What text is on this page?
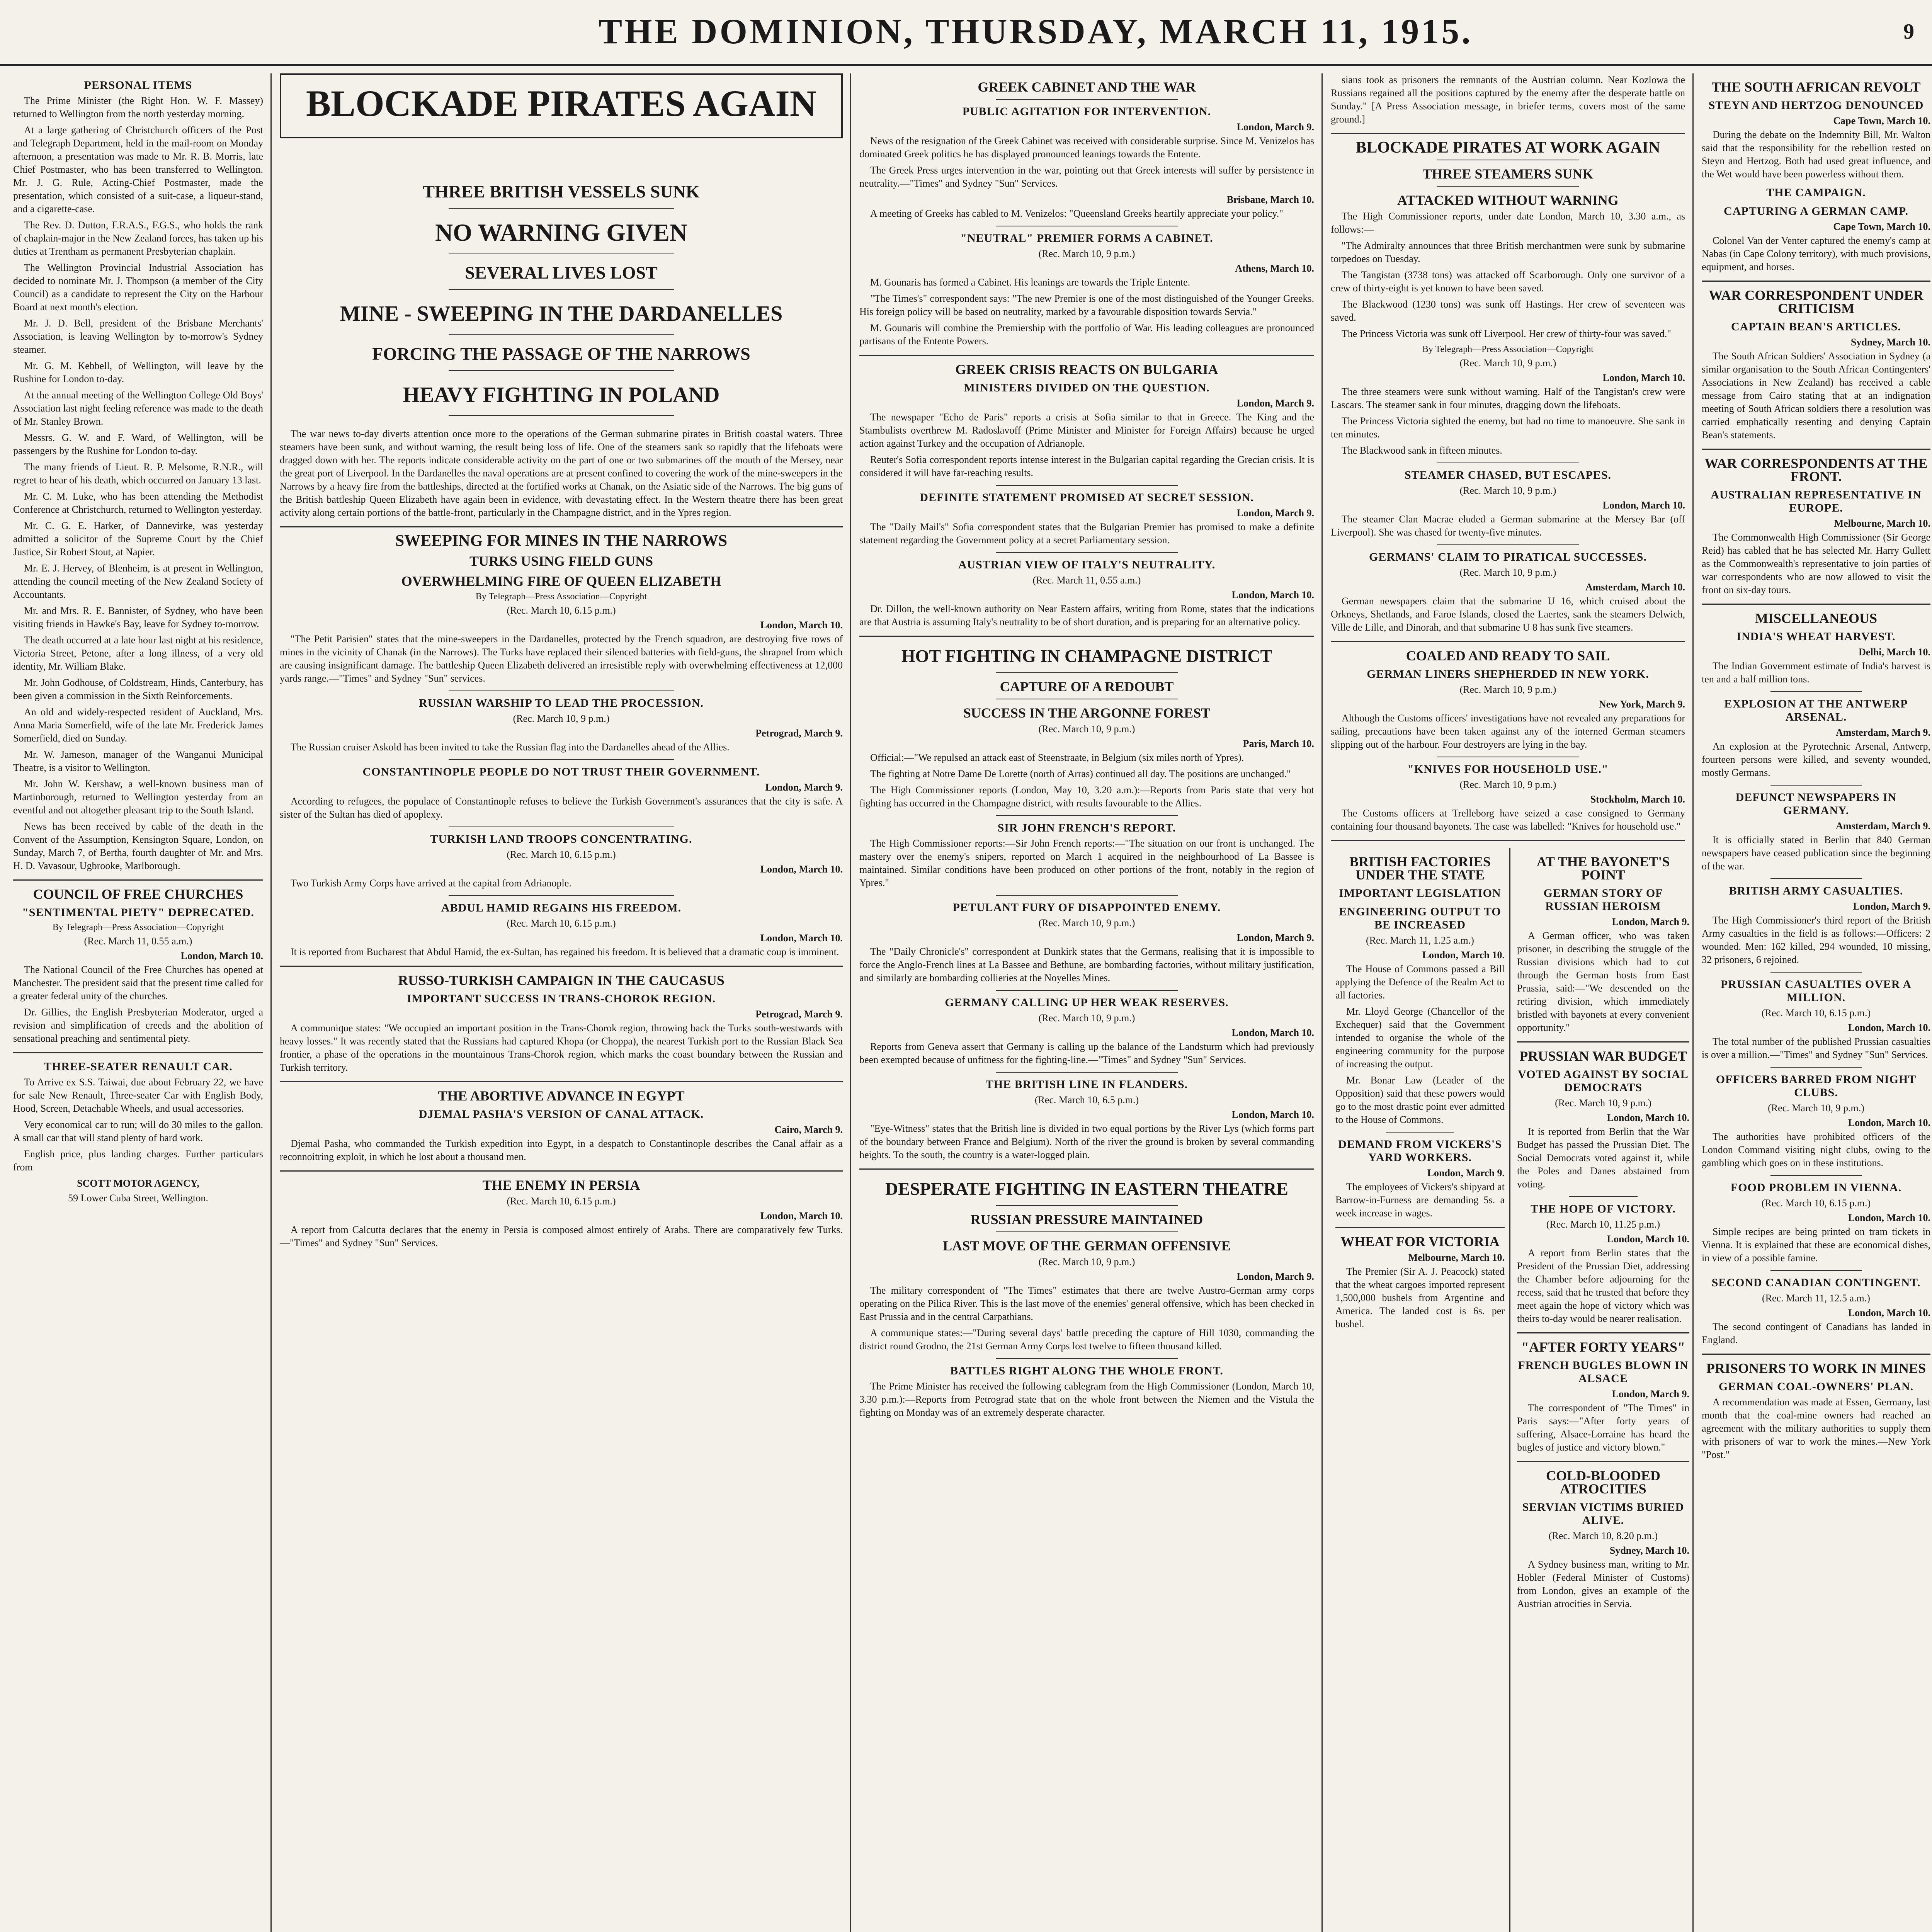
THE DOMINION, THURSDAY, MARCH 11, 1915.	9
PERSONAL ITEMS

The Prime Minister (the Right Hon. W. F. Massey) returned to Wellington from the north yesterday morning.

At a large gathering of Christchurch officers of the Post and Telegraph Department, held in the mail-room on Monday afternoon, a presentation was made to Mr. R. B. Morris, late Chief Postmaster, who has been transferred to Wellington. Mr. J. G. Rule, Acting-Chief Postmaster, made the presentation, which consisted of a suit-case, a liqueur-stand, and a cigarette-case.

The Rev. D. Dutton, F.R.A.S., F.G.S., who holds the rank of chaplain-major in the New Zealand forces, has taken up his duties at Trentham as permanent Presbyterian chaplain.

The Wellington Provincial Industrial Association has decided to nominate Mr. J. Thompson (a member of the City Council) as a candidate to represent the City on the Harbour Board at next month's election.

Mr. J. D. Bell, president of the Brisbane Merchants' Association, is leaving Wellington by to-morrow's Sydney steamer.

Mr. G. M. Kebbell, of Wellington, will leave by the Rushine for London to-day.

At the annual meeting of the Wellington College Old Boys' Association last night feeling reference was made to the death of Mr. Stanley Brown.

Messrs. G. W. and F. Ward, of Wellington, will be passengers by the Rushine for London to-day.

The many friends of Lieut. R. P. Melsome, R.N.R., will regret to hear of his death, which occurred on January 13 last.

Mr. C. M. Luke, who has been attending the Methodist Conference at Christchurch, returned to Wellington yesterday.

Mr. C. G. E. Harker, of Dannevirke, was yesterday admitted a solicitor of the Supreme Court by the Chief Justice, Sir Robert Stout, at Napier.

Mr. E. J. Hervey, of Blenheim, is at present in Wellington, attending the council meeting of the New Zealand Society of Accountants.

Mr. and Mrs. R. E. Bannister, of Sydney, who have been visiting friends in Hawke's Bay, leave for Sydney to-morrow.

The death occurred at a late hour last night at his residence, Victoria Street, Petone, after a long illness, of a very old identity, Mr. William Blake.

Mr. John Godhouse, of Coldstream, Hinds, Canterbury, has been given a commission in the Sixth Reinforcements.

An old and widely-respected resident of Auckland, Mrs. Anna Maria Somerfield, wife of the late Mr. Frederick James Somerfield, died on Sunday.

Mr. W. Jameson, manager of the Wanganui Municipal Theatre, is a visitor to Wellington.

Mr. John W. Kershaw, a well-known business man of Martinborough, returned to Wellington yesterday from an eventful and not altogether pleasant trip to the South Island.

News has been received by cable of the death in the Convent of the Assumption, Kensington Square, London, on Sunday, March 7, of Bertha, fourth daughter of Mr. and Mrs. H. D. Vavasour, Ugbrooke, Marlborough.

COUNCIL OF FREE CHURCHES
"SENTIMENTAL PIETY" DEPRECATED.
By Telegraph—Press Association—Copyright
(Rec. March 11, 0.55 a.m.)
London, March 10.

The National Council of the Free Churches has opened at Manchester. The president said that the present time called for a greater federal unity of the churches.

Dr. Gillies, the English Presbyterian Moderator, urged a revision and simplification of creeds and the abolition of sensational preaching and sentimental piety.

THREE-SEATER RENAULT CAR.

To Arrive ex S.S. Taiwai, due about February 22, we have for sale New Renault, Three-seater Car with English Body, Hood, Screen, Detachable Wheels, and usual accessories.

Very economical car to run; will do 30 miles to the gallon. A small car that will stand plenty of hard work.

English price, plus landing charges. Further particulars from

SCOTT MOTOR AGENCY,
59 Lower Cuba Street, Wellington.
BLOCKADE PIRATES AGAIN
THREE BRITISH VESSELS SUNK
NO WARNING GIVEN
SEVERAL LIVES LOST
MINE - SWEEPING IN THE DARDANELLES
FORCING THE PASSAGE OF THE NARROWS
HEAVY FIGHTING IN POLAND

The war news to-day diverts attention once more to the operations of the German submarine pirates in British coastal waters. Three steamers have been sunk, and without warning, the result being loss of life. One of the steamers sank so rapidly that the lifeboats were dragged down with her. The reports indicate considerable activity on the part of one or two submarines off the mouth of the Mersey, near the great port of Liverpool. In the Dardanelles the naval operations are at present confined to covering the work of the mine-sweepers in the Narrows by a heavy fire from the battleships, directed at the fortified works at Chanak, on the Asiatic side of the Narrows. The big guns of the British battleship Queen Elizabeth have again been in evidence, with devastating effect. In the Western theatre there has been great activity along certain portions of the battle-front, particularly in the Champagne district, and in the Ypres region.

SWEEPING FOR MINES IN THE NARROWS
TURKS USING FIELD GUNS
OVERWHELMING FIRE OF QUEEN ELIZABETH
By Telegraph—Press Association—Copyright
(Rec. March 10, 6.15 p.m.)
London, March 10.

"The Petit Parisien" states that the mine-sweepers in the Dardanelles, protected by the French squadron, are destroying five rows of mines in the vicinity of Chanak (in the Narrows). The Turks have replaced their silenced batteries with field-guns, the shrapnel from which are causing insignificant damage. The battleship Queen Elizabeth delivered an irresistible reply with overwhelming effectiveness at 12,000 yards range.—"Times" and Sydney "Sun" services.

RUSSIAN WARSHIP TO LEAD THE PROCESSION.
(Rec. March 10, 9 p.m.)
Petrograd, March 9.

The Russian cruiser Askold has been invited to take the Russian flag into the Dardanelles ahead of the Allies.

CONSTANTINOPLE PEOPLE DO NOT TRUST THEIR GOVERNMENT.
London, March 9.

According to refugees, the populace of Constantinople refuses to believe the Turkish Government's assurances that the city is safe. A sister of the Sultan has died of apoplexy.

TURKISH LAND TROOPS CONCENTRATING.
(Rec. March 10, 6.15 p.m.)
London, March 10.

Two Turkish Army Corps have arrived at the capital from Adrianople.

ABDUL HAMID REGAINS HIS FREEDOM.
(Rec. March 10, 6.15 p.m.)
London, March 10.

It is reported from Bucharest that Abdul Hamid, the ex-Sultan, has regained his freedom. It is believed that a dramatic coup is imminent.

RUSSO-TURKISH CAMPAIGN IN THE CAUCASUS
IMPORTANT SUCCESS IN TRANS-CHOROK REGION.
Petrograd, March 9.

A communique states: "We occupied an important position in the Trans-Chorok region, throwing back the Turks south-westwards with heavy losses." It was recently stated that the Russians had captured Khopa (or Choppa), the nearest Turkish port to the Russian Black Sea frontier, a phase of the operations in the mountainous Trans-Chorok region, which marks the coast boundary between the Russian and Turkish territory.

THE ABORTIVE ADVANCE IN EGYPT
DJEMAL PASHA'S VERSION OF CANAL ATTACK.
Cairo, March 9.

Djemal Pasha, who commanded the Turkish expedition into Egypt, in a despatch to Constantinople describes the Canal affair as a reconnoitring exploit, in which he lost about a thousand men.

THE ENEMY IN PERSIA
(Rec. March 10, 6.15 p.m.)
London, March 10.

A report from Calcutta declares that the enemy in Persia is composed almost entirely of Arabs. There are comparatively few Turks.—"Times" and Sydney "Sun" Services.

GREEK CABINET AND THE WAR
PUBLIC AGITATION FOR INTERVENTION.
London, March 9.

News of the resignation of the Greek Cabinet was received with considerable surprise. Since M. Venizelos has dominated Greek politics he has displayed pronounced leanings towards the Entente.

The Greek Press urges intervention in the war, pointing out that Greek interests will suffer by persistence in neutrality.—"Times" and Sydney "Sun" Services.

Brisbane, March 10.

A meeting of Greeks has cabled to M. Venizelos: "Queensland Greeks heartily appreciate your policy."

"NEUTRAL" PREMIER FORMS A CABINET.
(Rec. March 10, 9 p.m.)
Athens, March 10.

M. Gounaris has formed a Cabinet. His leanings are towards the Triple Entente.

"The Times's" correspondent says: "The new Premier is one of the most distinguished of the Younger Greeks. His foreign policy will be based on neutrality, marked by a favourable disposition towards Servia."

M. Gounaris will combine the Premiership with the portfolio of War. His leading colleagues are pronounced partisans of the Entente Powers.

GREEK CRISIS REACTS ON BULGARIA
MINISTERS DIVIDED ON THE QUESTION.
London, March 9.

The newspaper "Echo de Paris" reports a crisis at Sofia similar to that in Greece. The King and the Stambulists overthrew M. Radoslavoff (Prime Minister and Minister for Foreign Affairs) because he urged action against Turkey and the occupation of Adrianople.

Reuter's Sofia correspondent reports intense interest in the Bulgarian capital regarding the Grecian crisis. It is considered it will have far-reaching results.

DEFINITE STATEMENT PROMISED AT SECRET SESSION.
London, March 9.

The "Daily Mail's" Sofia correspondent states that the Bulgarian Premier has promised to make a definite statement regarding the Government policy at a secret Parliamentary session.

AUSTRIAN VIEW OF ITALY'S NEUTRALITY.
(Rec. March 11, 0.55 a.m.)
London, March 10.

Dr. Dillon, the well-known authority on Near Eastern affairs, writing from Rome, states that the indications are that Austria is assuming Italy's neutrality to be of short duration, and is preparing for an alternative policy.

HOT FIGHTING IN CHAMPAGNE DISTRICT
CAPTURE OF A REDOUBT
SUCCESS IN THE ARGONNE FOREST
(Rec. March 10, 9 p.m.)
Paris, March 10.

Official:—"We repulsed an attack east of Steenstraate, in Belgium (six miles north of Ypres).

The fighting at Notre Dame De Lorette (north of Arras) continued all day. The positions are unchanged."

The High Commissioner reports (London, May 10, 3.20 a.m.):—Reports from Paris state that very hot fighting has occurred in the Champagne district, with results favourable to the Allies.

SIR JOHN FRENCH'S REPORT.

The High Commissioner reports:—Sir John French reports:—"The situation on our front is unchanged. The mastery over the enemy's snipers, reported on March 1 acquired in the neighbourhood of La Bassee is maintained. Similar conditions have been produced on other portions of the front, notably in the region of Ypres."

PETULANT FURY OF DISAPPOINTED ENEMY.
(Rec. March 10, 9 p.m.)
London, March 9.

The "Daily Chronicle's" correspondent at Dunkirk states that the Germans, realising that it is impossible to force the Anglo-French lines at La Bassee and Bethune, are bombarding factories, without military justification, and similarly are bombarding collieries at the Noyelles Mines.

GERMANY CALLING UP HER WEAK RESERVES.
(Rec. March 10, 9 p.m.)
London, March 10.

Reports from Geneva assert that Germany is calling up the balance of the Landsturm which had previously been exempted because of unfitness for the fighting-line.—"Times" and Sydney "Sun" Services.

THE BRITISH LINE IN FLANDERS.
(Rec. March 10, 6.5 p.m.)
London, March 10.

"Eye-Witness" states that the British line is divided in two equal portions by the River Lys (which forms part of the boundary between France and Belgium). North of the river the ground is broken by several commanding heights. To the south, the country is a water-logged plain.

DESPERATE FIGHTING IN EASTERN THEATRE
RUSSIAN PRESSURE MAINTAINED
LAST MOVE OF THE GERMAN OFFENSIVE
(Rec. March 10, 9 p.m.)
London, March 9.

The military correspondent of "The Times" estimates that there are twelve Austro-German army corps operating on the Pilica River. This is the last move of the enemies' general offensive, which has been checked in East Prussia and in the central Carpathians.

A communique states:—"During several days' battle preceding the capture of Hill 1030, commanding the district round Grodno, the 21st German Army Corps lost twelve to fifteen thousand killed.

BATTLES RIGHT ALONG THE WHOLE FRONT.

The Prime Minister has received the following cablegram from the High Commissioner (London, March 10, 3.30 p.m.):—Reports from Petrograd state that on the whole front between the Niemen and the Vistula the fighting on Monday was of an extremely desperate character.

sians took as prisoners the remnants of the Austrian column. Near Kozlowa the Russians regained all the positions captured by the enemy after the desperate battle on Sunday." [A Press Association message, in briefer terms, covers most of the same ground.]

BLOCKADE PIRATES AT WORK AGAIN
THREE STEAMERS SUNK
ATTACKED WITHOUT WARNING

The High Commissioner reports, under date London, March 10, 3.30 a.m., as follows:—

"The Admiralty announces that three British merchantmen were sunk by submarine torpedoes on Tuesday.

The Tangistan (3738 tons) was attacked off Scarborough. Only one survivor of a crew of thirty-eight is yet known to have been saved.

The Blackwood (1230 tons) was sunk off Hastings. Her crew of seventeen was saved.

The Princess Victoria was sunk off Liverpool. Her crew of thirty-four was saved."

By Telegraph—Press Association—Copyright
(Rec. March 10, 9 p.m.)
London, March 10.

The three steamers were sunk without warning. Half of the Tangistan's crew were Lascars. The steamer sank in four minutes, dragging down the lifeboats.

The Princess Victoria sighted the enemy, but had no time to manoeuvre. She sank in ten minutes.

The Blackwood sank in fifteen minutes.

STEAMER CHASED, BUT ESCAPES.
(Rec. March 10, 9 p.m.)
London, March 10.

The steamer Clan Macrae eluded a German submarine at the Mersey Bar (off Liverpool). She was chased for twenty-five minutes.

GERMANS' CLAIM TO PIRATICAL SUCCESSES.
(Rec. March 10, 9 p.m.)
Amsterdam, March 10.

German newspapers claim that the submarine U 16, which cruised about the Orkneys, Shetlands, and Faroe Islands, closed the Laertes, sank the steamers Delwich, Ville de Lille, and Dinorah, and that submarine U 8 has sunk five steamers.

COALED AND READY TO SAIL
GERMAN LINERS SHEPHERDED IN NEW YORK.
(Rec. March 10, 9 p.m.)
New York, March 9.

Although the Customs officers' investigations have not revealed any preparations for sailing, precautions have been taken against any of the interned German steamers slipping out of the harbour. Four destroyers are lying in the bay.

"KNIVES FOR HOUSEHOLD USE."
(Rec. March 10, 9 p.m.)
Stockholm, March 10.

The Customs officers at Trelleborg have seized a case consigned to Germany containing four thousand bayonets. The case was labelled: "Knives for household use."

BRITISH FACTORIES UNDER THE STATE
IMPORTANT LEGISLATION
ENGINEERING OUTPUT TO BE INCREASED
(Rec. March 11, 1.25 a.m.)
London, March 10.

The House of Commons passed a Bill applying the Defence of the Realm Act to all factories.

Mr. Lloyd George (Chancellor of the Exchequer) said that the Government intended to organise the whole of the engineering community for the purpose of increasing the output.

Mr. Bonar Law (Leader of the Opposition) said that these powers would go to the most drastic point ever admitted to the House of Commons.

DEMAND FROM VICKERS'S YARD WORKERS.
London, March 9.

The employees of Vickers's shipyard at Barrow-in-Furness are demanding 5s. a week increase in wages.

WHEAT FOR VICTORIA
Melbourne, March 10.

The Premier (Sir A. J. Peacock) stated that the wheat cargoes imported represent 1,500,000 bushels from Argentine and America. The landed cost is 6s. per bushel.

AT THE BAYONET'S POINT
GERMAN STORY OF RUSSIAN HEROISM
London, March 9.

A German officer, who was taken prisoner, in describing the struggle of the Russian divisions which had to cut through the German hosts from East Prussia, said:—"We descended on the retiring division, which immediately bristled with bayonets at every convenient opportunity."

PRUSSIAN WAR BUDGET
VOTED AGAINST BY SOCIAL DEMOCRATS
(Rec. March 10, 9 p.m.)
London, March 10.

It is reported from Berlin that the War Budget has passed the Prussian Diet. The Social Democrats voted against it, while the Poles and Danes abstained from voting.

THE HOPE OF VICTORY.
(Rec. March 10, 11.25 p.m.)
London, March 10.

A report from Berlin states that the President of the Prussian Diet, addressing the Chamber before adjourning for the recess, said that he trusted that before they meet again the hope of victory which was theirs to-day would be nearer realisation.

"AFTER FORTY YEARS"
FRENCH BUGLES BLOWN IN ALSACE
London, March 9.

The correspondent of "The Times" in Paris says:—"After forty years of suffering, Alsace-Lorraine has heard the bugles of justice and victory blown."

COLD-BLOODED ATROCITIES
SERVIAN VICTIMS BURIED ALIVE.
(Rec. March 10, 8.20 p.m.)
Sydney, March 10.

A Sydney business man, writing to Mr. Hobler (Federal Minister of Customs) from London, gives an example of the Austrian atrocities in Servia.

THE SOUTH AFRICAN REVOLT
STEYN AND HERTZOG DENOUNCED
Cape Town, March 10.

During the debate on the Indemnity Bill, Mr. Walton said that the responsibility for the rebellion rested on Steyn and Hertzog. Both had used great influence, and the Wet would have been powerless without them.

THE CAMPAIGN.
CAPTURING A GERMAN CAMP.
Cape Town, March 10.

Colonel Van der Venter captured the enemy's camp at Nabas (in Cape Colony territory), with much provisions, equipment, and horses.

WAR CORRESPONDENT UNDER CRITICISM
CAPTAIN BEAN'S ARTICLES.
Sydney, March 10.

The South African Soldiers' Association in Sydney (a similar organisation to the South African Contingenters' Associations in New Zealand) has received a cable message from Cairo stating that at an indignation meeting of South African soldiers there a resolution was carried emphatically resenting and denying Captain Bean's statements.

WAR CORRESPONDENTS AT THE FRONT.
AUSTRALIAN REPRESENTATIVE IN EUROPE.
Melbourne, March 10.

The Commonwealth High Commissioner (Sir George Reid) has cabled that he has selected Mr. Harry Gullett as the Commonwealth's representative to join parties of war correspondents who are now allowed to visit the front on six-day tours.

MISCELLANEOUS
INDIA'S WHEAT HARVEST.
Delhi, March 10.

The Indian Government estimate of India's harvest is ten and a half million tons.

EXPLOSION AT THE ANTWERP ARSENAL.
Amsterdam, March 9.

An explosion at the Pyrotechnic Arsenal, Antwerp, fourteen persons were killed, and seventy wounded, mostly Germans.

DEFUNCT NEWSPAPERS IN GERMANY.
Amsterdam, March 9.

It is officially stated in Berlin that 840 German newspapers have ceased publication since the beginning of the war.

BRITISH ARMY CASUALTIES.
London, March 9.

The High Commissioner's third report of the British Army casualties in the field is as follows:—Officers: 2 wounded. Men: 162 killed, 294 wounded, 10 missing, 32 prisoners, 6 rejoined.

PRUSSIAN CASUALTIES OVER A MILLION.
(Rec. March 10, 6.15 p.m.)
London, March 10.

The total number of the published Prussian casualties is over a million.—"Times" and Sydney "Sun" Services.

OFFICERS BARRED FROM NIGHT CLUBS.
(Rec. March 10, 9 p.m.)
London, March 10.

The authorities have prohibited officers of the London Command visiting night clubs, owing to the gambling which goes on in these institutions.

FOOD PROBLEM IN VIENNA.
(Rec. March 10, 6.15 p.m.)
London, March 10.

Simple recipes are being printed on tram tickets in Vienna. It is explained that these are economical dishes, in view of a possible famine.

SECOND CANADIAN CONTINGENT.
(Rec. March 11, 12.5 a.m.)
London, March 10.

The second contingent of Canadians has landed in England.

PRISONERS TO WORK IN MINES
GERMAN COAL-OWNERS' PLAN.

A recommendation was made at Essen, Germany, last month that the coal-mine owners had reached an agreement with the military authorities to supply them with prisoners of war to work the mines.—New York "Post."
